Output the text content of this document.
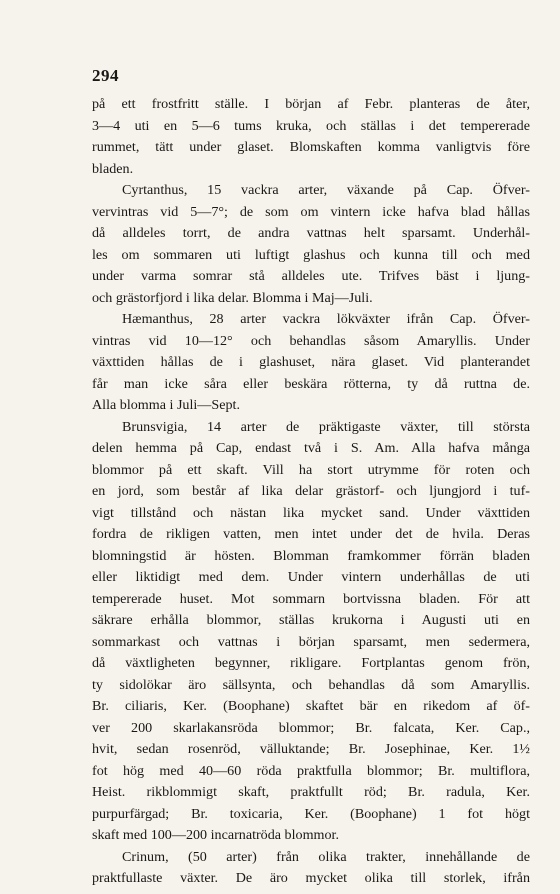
294
på ett frostfritt ställe. I början af Febr. planteras de åter,
3—4 uti en 5—6 tums kruka, och ställas i det tempererade
rummet, tätt under glaset. Blomskaften komma vanligtvis före
bladen.
Cyrtanthus, 15 vackra arter, växande på Cap. Öfver-
vervintras vid 5—7°; de som om vintern icke hafva blad hållas
då alldeles torrt, de andra vattnas helt sparsamt. Underhål-
les om sommaren uti luftigt glashus och kunna till och med
under varma somrar stå alldeles ute. Trifves bäst i ljung-
och grästorfjord i lika delar. Blomma i Maj—Juli.
Hæmanthus, 28 arter vackra lökväxter ifrån Cap. Öfver-
vintras vid 10—12° och behandlas såsom Amaryllis. Under
växttiden hållas de i glashuset, nära glaset. Vid planterandet
får man icke såra eller beskära rötterna, ty då ruttna de.
Alla blomma i Juli—Sept.
Brunsvigia, 14 arter de präktigaste växter, till största
delen hemma på Cap, endast två i S. Am. Alla hafva många
blommor på ett skaft. Vill ha stort utrymme för roten och
en jord, som består af lika delar grästorf- och ljungjord i tuf-
vigt tillstånd och nästan lika mycket sand. Under växttiden
fordra de rikligen vatten, men intet under det de hvila. Deras
blomningstid är hösten. Blomman framkommer förrän bladen
eller liktidigt med dem. Under vintern underhållas de uti
tempererade huset. Mot sommarn bortvissna bladen. För att
säkrare erhålla blommor, ställas krukorna i Augusti uti en
sommarkast och vattnas i början sparsamt, men sedermera,
då växtligheten begynner, rikligare. Fortplantas genom frön,
ty sidolökar äro sällsynta, och behandlas då som Amaryllis.
Br. ciliaris, Ker. (Boophane) skaftet bär en rikedom af öf-
ver 200 skarlakansröda blommor; Br. falcata, Ker. Cap.,
hvit, sedan rosenröd, välluktande; Br. Josephinae, Ker. 1½
fot hög med 40—60 röda praktfulla blommor; Br. multiflora,
Heist. rikblommigt skaft, praktfullt röd; Br. radula, Ker.
purpurfärgad; Br. toxicaria, Ker. (Boophane) 1 fot högt
skaft med 100—200 incarnatröda blommor.
Crinum, (50 arter) från olika trakter, innehållande de
praktfullaste växter. De äro mycket olika till storlek, ifrån
